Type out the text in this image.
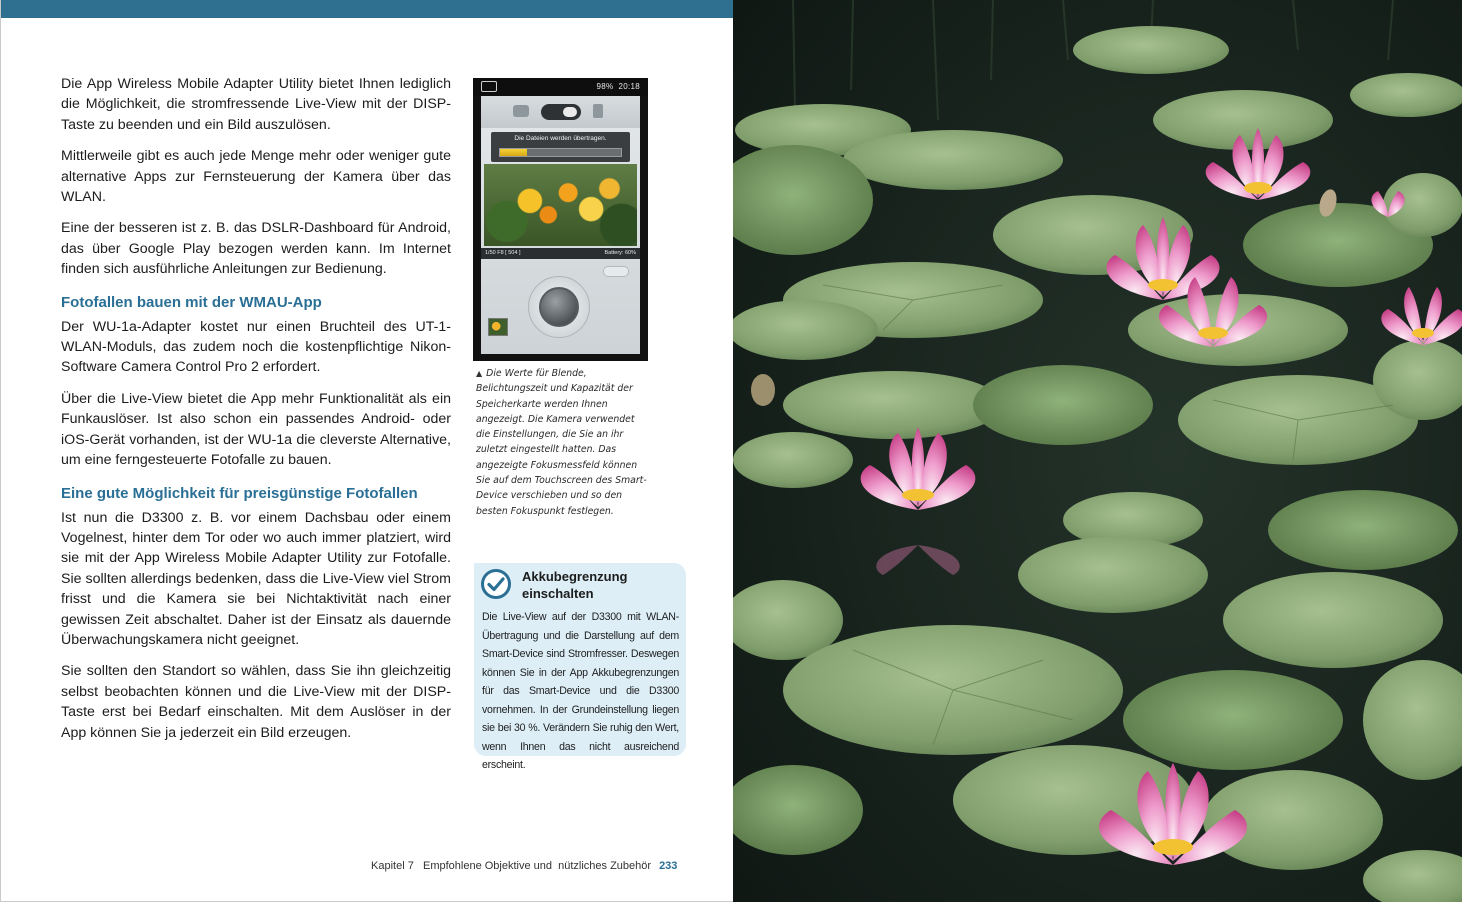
Die App Wireless Mobile Adapter Utility bietet Ihnen lediglich die Möglichkeit, die stromfressende Live-View mit der DISP-Taste zu beenden und ein Bild auszulösen.

Mittlerweile gibt es auch jede Menge mehr oder weniger gute alternative Apps zur Fernsteuerung der Kamera über das WLAN.

Eine der besseren ist z. B. das DSLR-Dashboard für Android, das über Google Play bezogen werden kann. Im Internet finden sich ausführliche Anleitungen zur Bedienung.

Fotofallen bauen mit der WMAU-App

Der WU-1a-Adapter kostet nur einen Bruchteil des UT-1-WLAN-Moduls, das zudem noch die kostenpflichtige Nikon-Software Camera Control Pro 2 erfordert.

Über die Live-View bietet die App mehr Funktionalität als ein Funkauslöser. Ist also schon ein passendes Android- oder iOS-Gerät vorhanden, ist der WU-1a die cleverste Alternative, um eine ferngesteuerte Fotofalle zu bauen.

Eine gute Möglichkeit für preisgünstige Fotofallen

Ist nun die D3300 z. B. vor einem Dachsbau oder einem Vogelnest, hinter dem Tor oder wo auch immer platziert, wird sie mit der App Wireless Mobile Adapter Utility zur Fotofalle. Sie sollten allerdings bedenken, dass die Live-View viel Strom frisst und die Kamera sie bei Nichtaktivität nach einer gewissen Zeit abschaltet. Daher ist der Einsatz als dauernde Überwachungskamera nicht geeignet.

Sie sollten den Standort so wählen, dass Sie ihn gleichzeitig selbst beobachten können und die Live-View mit der DISP-Taste erst bei Bedarf einschalten. Mit dem Auslöser in der App können Sie ja jederzeit ein Bild erzeugen.

98% 20:18
Die Dateien werden übertragen.
1/50 F8 [ 504 ]	Battery: 60%

▲ Die Werte für Blende, Belichtungszeit und Kapazität der Speicherkarte werden Ihnen angezeigt. Die Kamera verwendet die Einstellungen, die Sie an ihr zuletzt eingestellt hatten. Das angezeigte Fokusmessfeld können Sie auf dem Touchscreen des Smart-Device verschieben und so den besten Fokuspunkt festlegen.

Akkubegrenzung einschalten

Die Live-View auf der D3300 mit WLAN-Übertragung und die Darstellung auf dem Smart-Device sind Stromfresser. Deswegen können Sie in der App Akkubegrenzungen für das Smart-Device und die D3300 vornehmen. In der Grundeinstellung liegen sie bei 30 %. Verändern Sie ruhig den Wert, wenn Ihnen das nicht ausreichend erscheint.

Kapitel 7   Empfohlene Objektive und  nützliches Zubehör 233
